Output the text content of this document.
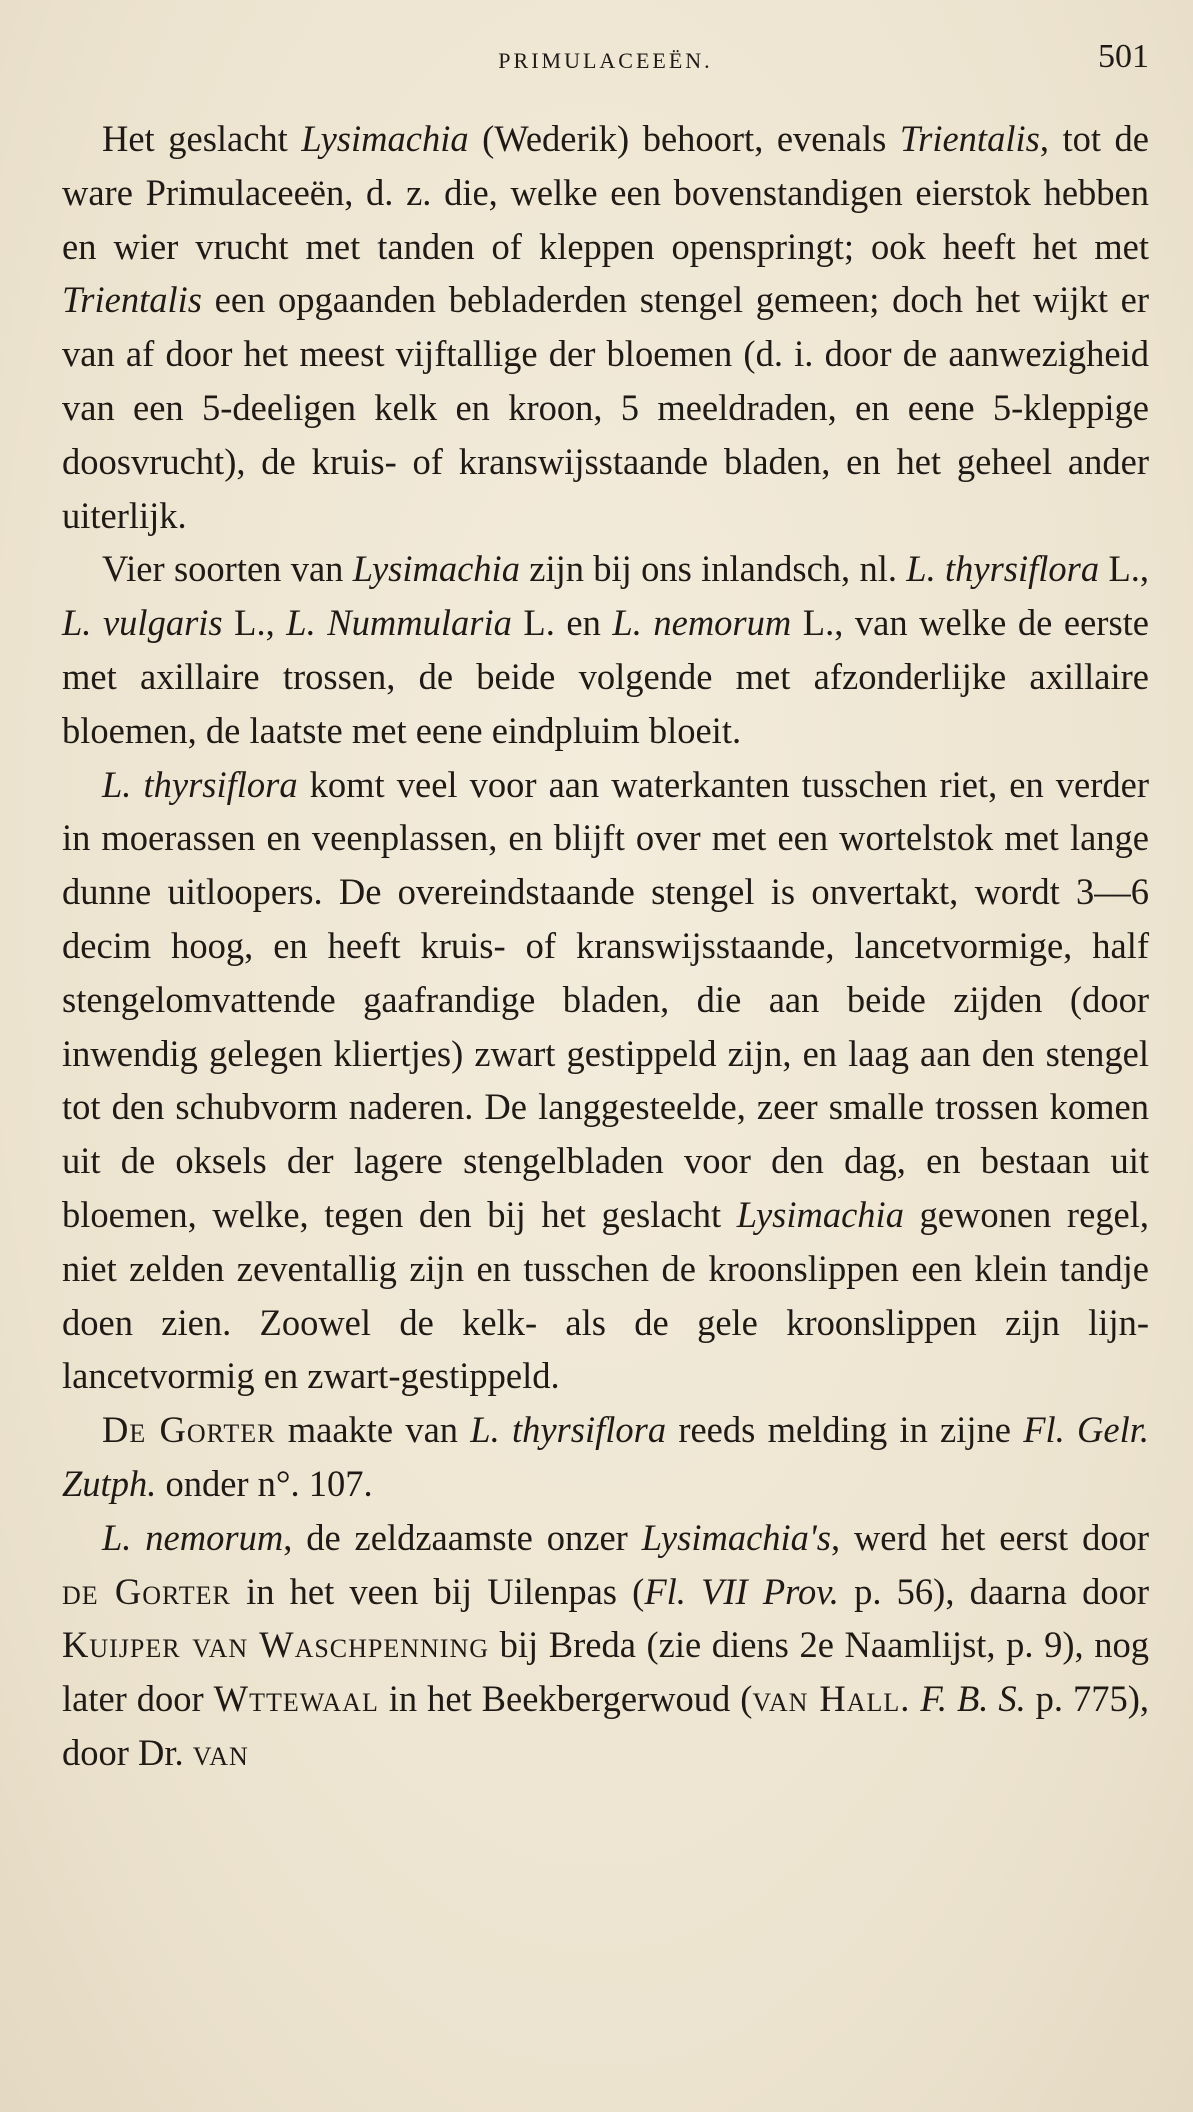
PRIMULACEEËN.	501

Het geslacht Lysimachia (Wederik) behoort, evenals Trientalis, tot de ware Primulaceeën, d. z. die, welke een bovenstandigen eierstok hebben en wier vrucht met tanden of kleppen openspringt; ook heeft het met Trientalis een opgaanden bebladerden stengel gemeen; doch het wijkt er van af door het meest vijftallige der bloemen (d. i. door de aanwezigheid van een 5-deeligen kelk en kroon, 5 meeldraden, en eene 5-kleppige doosvrucht), de kruis- of kranswijsstaande bladen, en het geheel ander uiterlijk.

Vier soorten van Lysimachia zijn bij ons inlandsch, nl. L. thyrsiflora L., L. vulgaris L., L. Nummularia L. en L. nemorum L., van welke de eerste met axillaire trossen, de beide volgende met afzonderlijke axillaire bloemen, de laatste met eene eindpluim bloeit.

L. thyrsiflora komt veel voor aan waterkanten tusschen riet, en verder in moerassen en veenplassen, en blijft over met een wortelstok met lange dunne uitloopers. De overeindstaande stengel is onvertakt, wordt 3—6 decim hoog, en heeft kruis- of kranswijsstaande, lancetvormige, half stengelomvattende gaafrandige bladen, die aan beide zijden (door inwendig gelegen kliertjes) zwart gestippeld zijn, en laag aan den stengel tot den schubvorm naderen. De langgesteelde, zeer smalle trossen komen uit de oksels der lagere stengelbladen voor den dag, en bestaan uit bloemen, welke, tegen den bij het geslacht Lysimachia gewonen regel, niet zelden zeventallig zijn en tusschen de kroonslippen een klein tandje doen zien. Zoowel de kelk- als de gele kroonslippen zijn lijn-lancetvormig en zwart-gestippeld.

De Gorter maakte van L. thyrsiflora reeds melding in zijne Fl. Gelr. Zutph. onder n°. 107.

L. nemorum, de zeldzaamste onzer Lysimachia's, werd het eerst door de Gorter in het veen bij Uilenpas (Fl. VII Prov. p. 56), daarna door Kuijper van Waschpenning bij Breda (zie diens 2e Naamlijst, p. 9), nog later door Wttewaal in het Beekbergerwoud (van Hall. F. B. S. p. 775), door Dr. van
